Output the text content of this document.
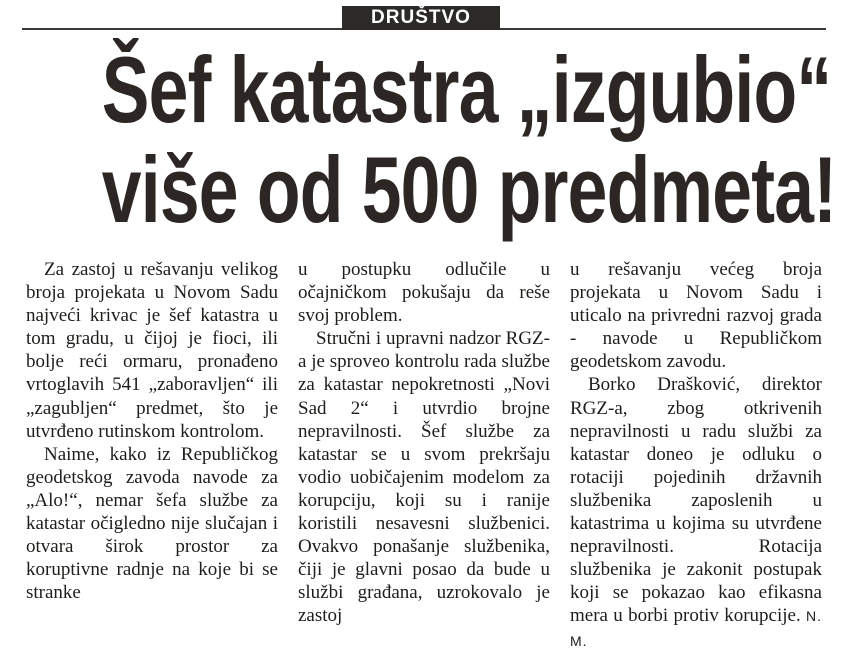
DRUŠTVO
Šef katastra „izgubio“
više od 500 predmeta!

Za zastoj u rešavanju velikog broja projekata u Novom Sadu najveći krivac je šef katastra u tom gradu, u čijoj je fioci, ili bolje reći ormaru, pronađeno vrtoglavih 541 „zaboravljen“ ili „zagubljen“ predmet, što je utvrđeno rutinskom kontrolom.

Naime, kako iz Republičkog geodetskog zavoda navode za „Alo!“, nemar šefa službe za katastar očigledno nije slučajan i otvara širok prostor za koruptivne radnje na koje bi se stranke

u postupku odlučile u očajničkom pokušaju da reše svoj problem.

Stručni i upravni nadzor RGZ-a je sproveo kontrolu rada službe za katastar nepokretnosti „Novi Sad 2“ i utvrdio brojne nepravilnosti. Šef službe za katastar se u svom prekršaju vodio uobičajenim modelom za korupciju, koji su i ranije koristili nesavesni službenici. Ovakvo ponašanje službenika, čiji je glavni posao da bude u službi građana, uzrokovalo je zastoj

u rešavanju većeg broja projekata u Novom Sadu i uticalo na privredni razvoj grada - navode u Republičkom geodetskom zavodu.

Borko Drašković, direktor RGZ-a, zbog otkrivenih nepravilnosti u radu službi za katastar doneo je odluku o rotaciji pojedinih državnih službenika zaposlenih u katastrima u kojima su utvrđene nepravilnosti. Rotacija službenika je zakonit postupak koji se pokazao kao efikasna mera u borbi protiv korupcije. N. M.
